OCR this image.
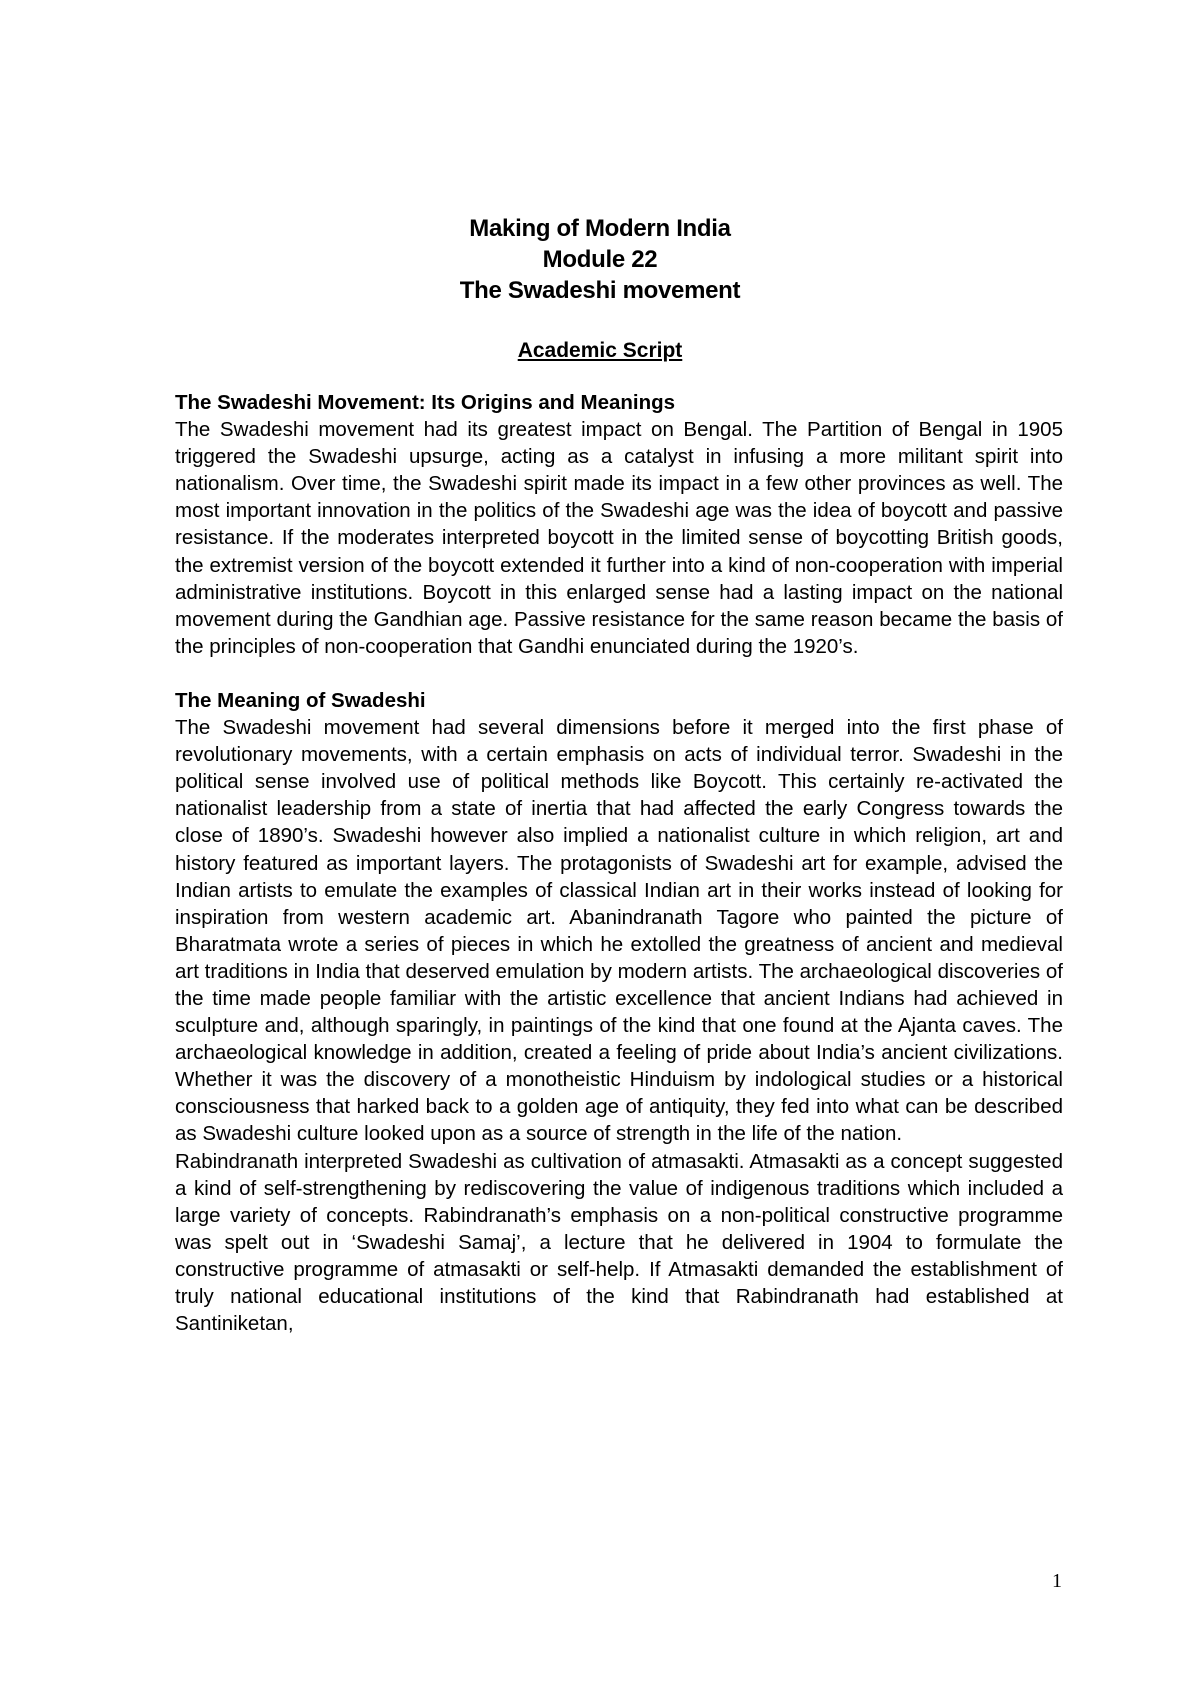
Making of Modern India
Module 22
The Swadeshi movement
Academic Script
The Swadeshi Movement: Its Origins and Meanings

The Swadeshi movement had its greatest impact on Bengal. The Partition of Bengal in 1905 triggered the Swadeshi upsurge, acting as a catalyst in infusing a more militant spirit into nationalism. Over time, the Swadeshi spirit made its impact in a few other provinces as well. The most important innovation in the politics of the Swadeshi age was the idea of boycott and passive resistance. If the moderates interpreted boycott in the limited sense of boycotting British goods, the extremist version of the boycott extended it further into a kind of non-cooperation with imperial administrative institutions. Boycott in this enlarged sense had a lasting impact on the national movement during the Gandhian age. Passive resistance for the same reason became the basis of the principles of non-cooperation that Gandhi enunciated during the 1920’s.

The Meaning of Swadeshi

The Swadeshi movement had several dimensions before it merged into the first phase of revolutionary movements, with a certain emphasis on acts of individual terror. Swadeshi in the political sense involved use of political methods like Boycott. This certainly re-activated the nationalist leadership from a state of inertia that had affected the early Congress towards the close of 1890’s. Swadeshi however also implied a nationalist culture in which religion, art and history featured as important layers. The protagonists of Swadeshi art for example, advised the Indian artists to emulate the examples of classical Indian art in their works instead of looking for inspiration from western academic art. Abanindranath Tagore who painted the picture of Bharatmata wrote a series of pieces in which he extolled the greatness of ancient and medieval art traditions in India that deserved emulation by modern artists. The archaeological discoveries of the time made people familiar with the artistic excellence that ancient Indians had achieved in sculpture and, although sparingly, in paintings of the kind that one found at the Ajanta caves. The archaeological knowledge in addition, created a feeling of pride about India’s ancient civilizations. Whether it was the discovery of a monotheistic Hinduism by indological studies or a historical consciousness that harked back to a golden age of antiquity, they fed into what can be described as Swadeshi culture looked upon as a source of strength in the life of the nation.

Rabindranath interpreted Swadeshi as cultivation of atmasakti. Atmasakti as a concept suggested a kind of self-strengthening by rediscovering the value of indigenous traditions which included a large variety of concepts. Rabindranath’s emphasis on a non-political constructive programme was spelt out in ‘Swadeshi Samaj’, a lecture that he delivered in 1904 to formulate the constructive programme of atmasakti or self-help. If Atmasakti demanded the establishment of truly national educational institutions of the kind that Rabindranath had established at Santiniketan,

1
